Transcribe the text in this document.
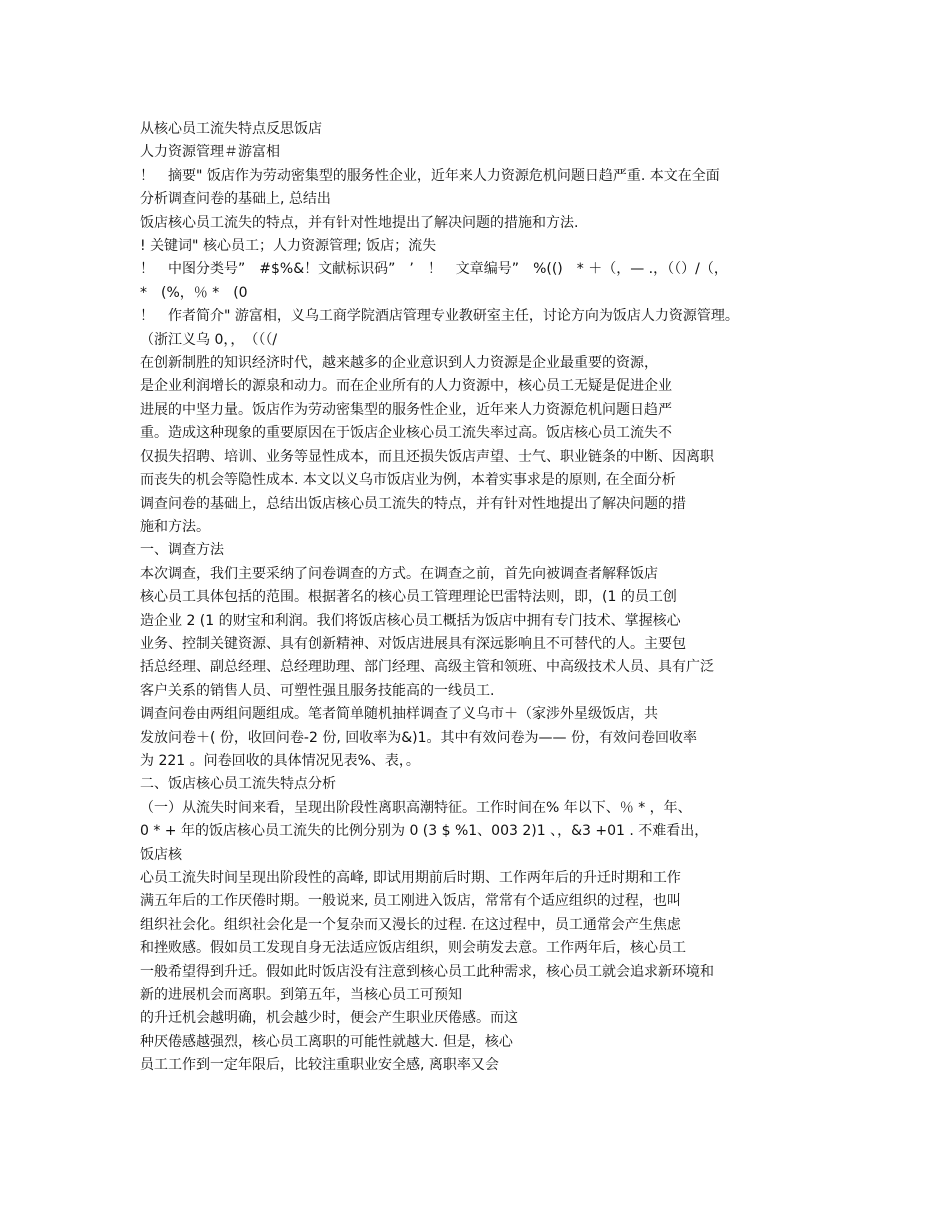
从核心员工流失特点反思饭店
人力资源管理＃游富相
！　摘要" 饭店作为劳动密集型的服务性企业，近年来人力资源危机问题日趋严重. 本文在全面
分析调查问卷的基础上, 总结出
饭店核心员工流失的特点，并有针对性地提出了解决问题的措施和方法.
! 关键词" 核心员工；人力资源管理; 饭店；流失
！　中图分类号”　#$%&！文献标识码”　’　！　文章编号”　%(()　* ＋（，— .，（（）/（，
*　(%，％ *　(0
！　作者简介" 游富相，义乌工商学院酒店管理专业教研室主任，讨论方向为饭店人力资源管理。
（浙江义乌 0，，　（（（/
在创新制胜的知识经济时代，越来越多的企业意识到人力资源是企业最重要的资源，
是企业利润增长的源泉和动力。而在企业所有的人力资源中，核心员工无疑是促进企业
进展的中坚力量。饭店作为劳动密集型的服务性企业，近年来人力资源危机问题日趋严
重。造成这种现象的重要原因在于饭店企业核心员工流失率过高。饭店核心员工流失不
仅损失招聘、培训、业务等显性成本，而且还损失饭店声望、士气、职业链条的中断、因离职
而丧失的机会等隐性成本. 本文以义乌市饭店业为例，本着实事求是的原则, 在全面分析
调查问卷的基础上，总结出饭店核心员工流失的特点，并有针对性地提出了解决问题的措
施和方法。
一、调查方法
本次调查，我们主要采纳了问卷调查的方式。在调查之前，首先向被调查者解释饭店
核心员工具体包括的范围。根据著名的核心员工管理理论巴雷特法则，即，(1 的员工创
造企业 2 (1 的财宝和利润。我们将饭店核心员工概括为饭店中拥有专门技术、掌握核心
业务、控制关键资源、具有创新精神、对饭店进展具有深远影响且不可替代的人。主要包
括总经理、副总经理、总经理助理、部门经理、高级主管和领班、中高级技术人员、具有广泛
客户关系的销售人员、可塑性强且服务技能高的一线员工.
调查问卷由两组问题组成。笔者简单随机抽样调查了义乌市＋（家涉外星级饭店，共
发放问卷＋( 份，收回问卷-2 份, 回收率为&)1。其中有效问卷为—— 份，有效问卷回收率
为 221 。问卷回收的具体情况见表%、表，。
二、饭店核心员工流失特点分析
（一）从流失时间来看，呈现出阶段性离职高潮特征。工作时间在% 年以下、％ * ，年、
0 * + 年的饭店核心员工流失的比例分别为 0 (3 $ %1、003 2)1 、，&3 +01 . 不难看出，
饭店核
心员工流失时间呈现出阶段性的高峰, 即试用期前后时期、工作两年后的升迁时期和工作
满五年后的工作厌倦时期。一般说来, 员工刚进入饭店，常常有个适应组织的过程，也叫
组织社会化。组织社会化是一个复杂而又漫长的过程. 在这过程中，员工通常会产生焦虑
和挫败感。假如员工发现自身无法适应饭店组织，则会萌发去意。工作两年后，核心员工
一般希望得到升迁。假如此时饭店没有注意到核心员工此种需求，核心员工就会追求新环境和
新的进展机会而离职。到第五年，当核心员工可预知
的升迁机会越明确，机会越少时，便会产生职业厌倦感。而这
种厌倦感越强烈，核心员工离职的可能性就越大. 但是，核心
员工工作到一定年限后，比较注重职业安全感, 离职率又会
